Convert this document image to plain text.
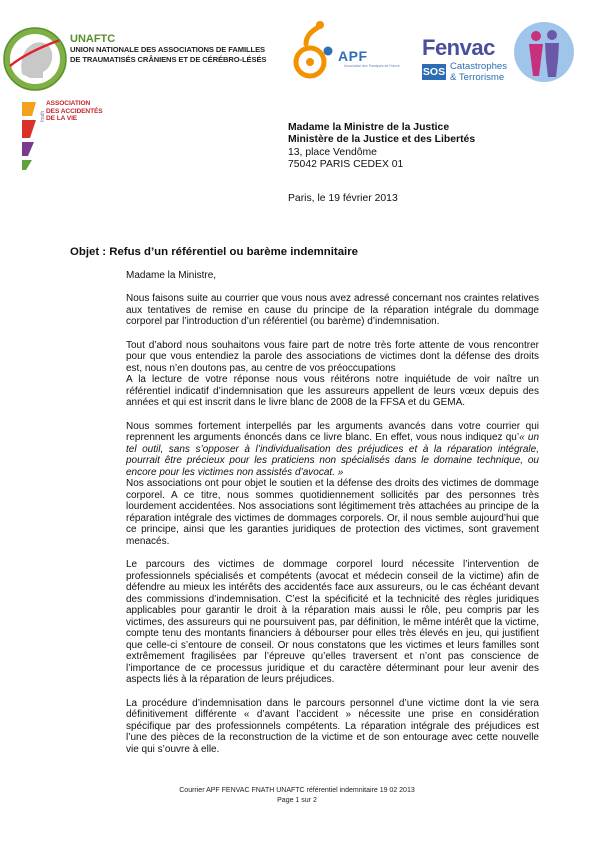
UNAFTC
UNION NATIONALE DES ASSOCIATIONS DE FAMILLES
DE TRAUMATISÉS CRÂNIENS ET DE CÉRÉBRO-LÉSÉS	APF
Association des Paralysés de France
Fenvac
SOS Catastrophes
& Terrorisme
ASSOCIATION
DES ACCIDENTÉS
DE LA VIE
fnath
Madame la Ministre de la Justice
Ministère de la Justice et des Libertés
13, place Vendôme
75042 PARIS CEDEX 01
Paris, le 19 février 2013
Objet : Refus d’un référentiel ou barème indemnitaire

Madame la Ministre,

Nous faisons suite au courrier que vous nous avez adressé concernant nos craintes relatives aux tentatives de remise en cause du principe de la réparation intégrale du dommage corporel par l’introduction d’un référentiel (ou barème) d’indemnisation.

Tout d’abord nous souhaitons vous faire part de notre très forte attente de vous rencontrer pour que vous entendiez la parole des associations de victimes dont la défense des droits est, nous n’en doutons pas, au centre de vos préoccupations

A la lecture de votre réponse nous vous réitérons notre inquiétude de voir naître un référentiel indicatif d’indemnisation que les assureurs appellent de leurs vœux depuis des années et qui est inscrit dans le livre blanc de 2008 de la FFSA et du GEMA.

Nous sommes fortement interpellés par les arguments avancés dans votre courrier qui reprennent les arguments énoncés dans ce livre blanc. En effet, vous nous indiquez qu’« un tel outil, sans s’opposer à l’individualisation des préjudices et à la réparation intégrale, pourrait être précieux pour les praticiens non spécialisés dans le domaine technique, ou encore pour les victimes non assistés d’avocat. »

Nos associations ont pour objet le soutien et la défense des droits des victimes de dommage corporel. A ce titre, nous sommes quotidiennement sollicités par des personnes très lourdement accidentées. Nos associations sont légitimement très attachées au principe de la réparation intégrale des victimes de dommages corporels. Or, il nous semble aujourd’hui que ce principe, ainsi que les garanties juridiques de protection des victimes, sont gravement menacés.

Le parcours des victimes de dommage corporel lourd nécessite l’intervention de professionnels spécialisés et compétents (avocat et médecin conseil de la victime) afin de défendre au mieux les intérêts des accidentés face aux assureurs, ou le cas échéant devant des commissions d’indemnisation. C’est la spécificité et la technicité des règles juridiques applicables pour garantir le droit à la réparation mais aussi le rôle, peu compris par les victimes, des assureurs qui ne poursuivent pas, par définition, le même intérêt que la victime, compte tenu des montants financiers à débourser pour elles très élevés en jeu, qui justifient que celle-ci s’entoure de conseil. Or nous constatons que les victimes et leurs familles sont extrêmement fragilisées par l’épreuve qu’elles traversent et n’ont pas conscience de l’importance de ce processus juridique et du caractère déterminant pour leur avenir des aspects liés à la réparation de leurs préjudices.

La procédure d’indemnisation dans le parcours personnel d’une victime dont la vie sera définitivement différente « d’avant l’accident » nécessite une prise en considération spécifique par des professionnels compétents. La réparation intégrale des préjudices est l’une des pièces de la reconstruction de la victime et de son entourage avec cette nouvelle vie qui s’ouvre à elle.

Courrier APF FENVAC FNATH UNAFTC référentiel indemnitaire 19 02 2013
Page 1 sur 2
